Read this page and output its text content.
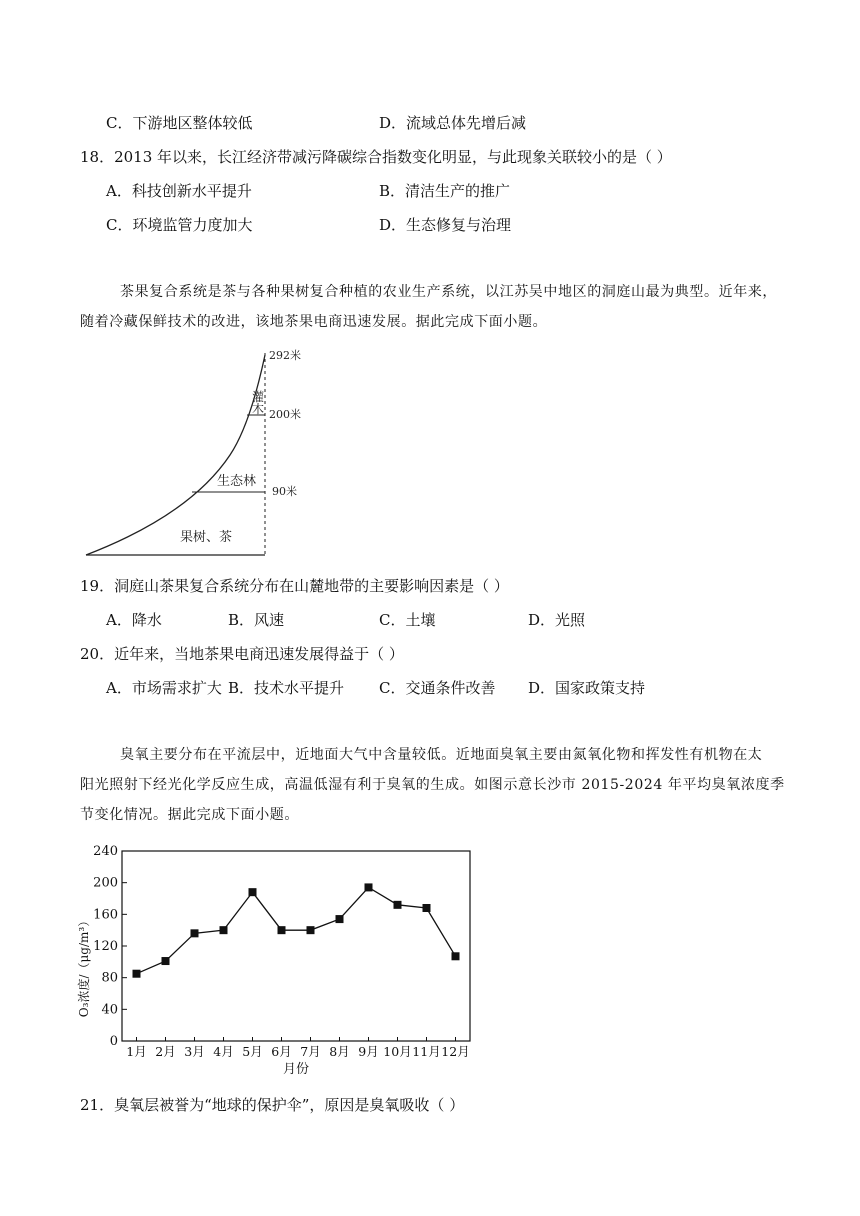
C．下游地区整体较低	D．流域总体先增后减
18．2013 年以来，长江经济带减污降碳综合指数变化明显，与此现象关联较小的是（ ）
A．科技创新水平提升	B．清洁生产的推广
C．环境监管力度加大	D．生态修复与治理

茶果复合系统是茶与各种果树复合种植的农业生产系统，以江苏吴中地区的洞庭山最为典型。近年来，

随着冷藏保鲜技术的改进，该地茶果电商迅速发展。据此完成下面小题。

292米
200米
90米
灌
木
生态林
果树、茶
19．洞庭山茶果复合系统分布在山麓地带的主要影响因素是（ ）
A．降水	B．风速	C．土壤	D．光照
20．近年来，当地茶果电商迅速发展得益于（ ）
A．市场需求扩大 B．技术水平提升 C．交通条件改善 D．国家政策支持

臭氧主要分布在平流层中，近地面大气中含量较低。近地面臭氧主要由氮氧化物和挥发性有机物在太

阳光照射下经光化学反应生成，高温低湿有利于臭氧的生成。如图示意长沙市 2015-2024 年平均臭氧浓度季

节变化情况。据此完成下面小题。

0
40
80
120
160
200
240
1月 2月 3月 4月 5月 6月 7月 8月 9月 10月 11月 12月
O₃浓度/（μg/m³）
月份
21．臭氧层被誉为“地球的保护伞”，原因是臭氧吸收（ ）
